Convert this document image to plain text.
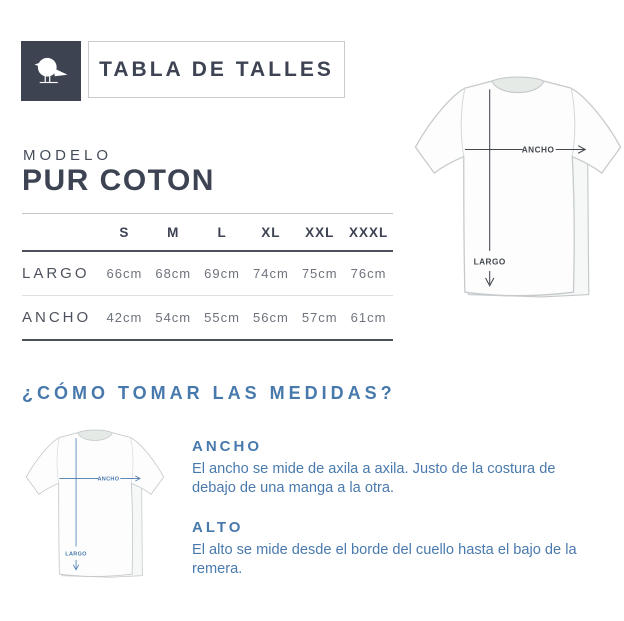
TABLA DE TALLES
MODELO
PUR COTON
	S	M	L	XL	XXL	XXXL
LARGO	66cm	68cm	69cm	74cm	75cm	76cm
ANCHO	42cm	54cm	55cm	56cm	57cm	61cm
ANCHO
LARGO
¿CÓMO TOMAR LAS MEDIDAS?
ANCHO
LARGO
ANCHO
El ancho se mide de axila a axila. Justo de la costura de debajo de una manga a la otra.
ALTO
El alto se mide desde el borde del cuello hasta el bajo de la remera.
